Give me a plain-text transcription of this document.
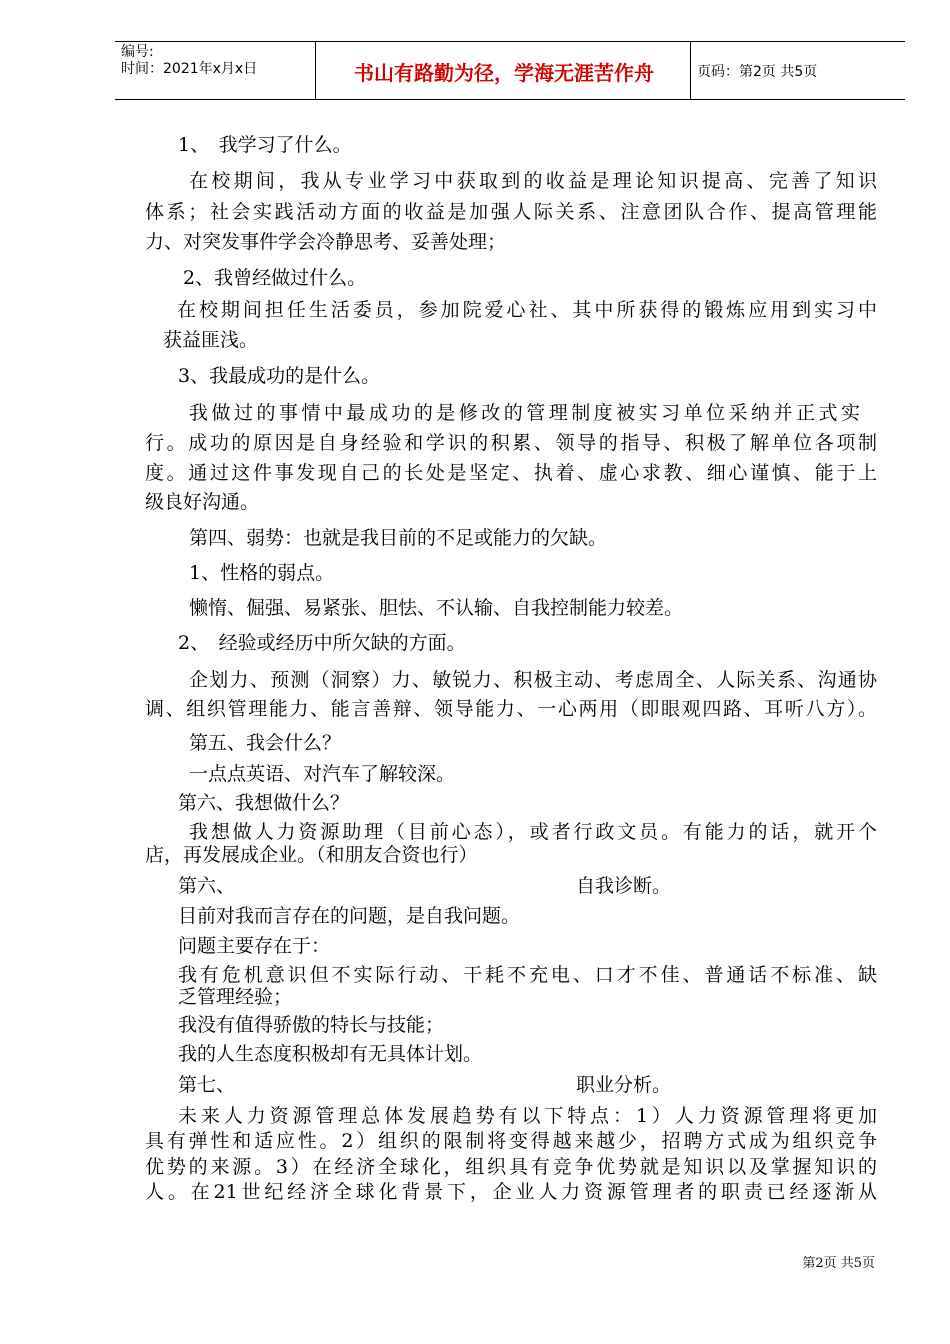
编号:
时间：2021年x月x日	书山有路勤为径，学海无涯苦作舟	页码：第2页 共5页
1、　我学习了什么。
在校期间，我从专业学习中获取到的收益是理论知识提高、完善了知识
体系；社会实践活动方面的收益是加强人际关系、注意团队合作、提高管理能
力、对突发事件学会冷静思考、妥善处理；
2、我曾经做过什么。
在校期间担任生活委员，参加院爱心社、其中所获得的锻炼应用到实习中
获益匪浅。
3、我最成功的是什么。
我做过的事情中最成功的是修改的管理制度被实习单位采纳并正式实
行。成功的原因是自身经验和学识的积累、领导的指导、积极了解单位各项制
度。通过这件事发现自己的长处是坚定、执着、虚心求教、细心谨慎、能于上
级良好沟通。
第四、弱势：也就是我目前的不足或能力的欠缺。
1、性格的弱点。
懒惰、倔强、易紧张、胆怯、不认输、自我控制能力较差。
2、　经验或经历中所欠缺的方面。
企划力、预测（洞察）力、敏锐力、积极主动、考虑周全、人际关系、沟通协
调、组织管理能力、能言善辩、领导能力、一心两用（即眼观四路、耳听八方）。
第五、我会什么？
一点点英语、对汽车了解较深。
第六、我想做什么？
我想做人力资源助理（目前心态），或者行政文员。有能力的话，就开个
店，再发展成企业。（和朋友合资也行）
第六、	自我诊断。
目前对我而言存在的问题，是自我问题。
问题主要存在于：
我有危机意识但不实际行动、干耗不充电、口才不佳、普通话不标准、缺
乏管理经验；
我没有值得骄傲的特长与技能；
我的人生态度积极却有无具体计划。
第七、	职业分析。
未来人力资源管理总体发展趋势有以下特点：1）人力资源管理将更加
具有弹性和适应性。2）组织的限制将变得越来越少，招聘方式成为组织竞争
优势的来源。3）在经济全球化，组织具有竞争优势就是知识以及掌握知识的
人。在21世纪经济全球化背景下，企业人力资源管理者的职责已经逐渐从
第2页 共5页
